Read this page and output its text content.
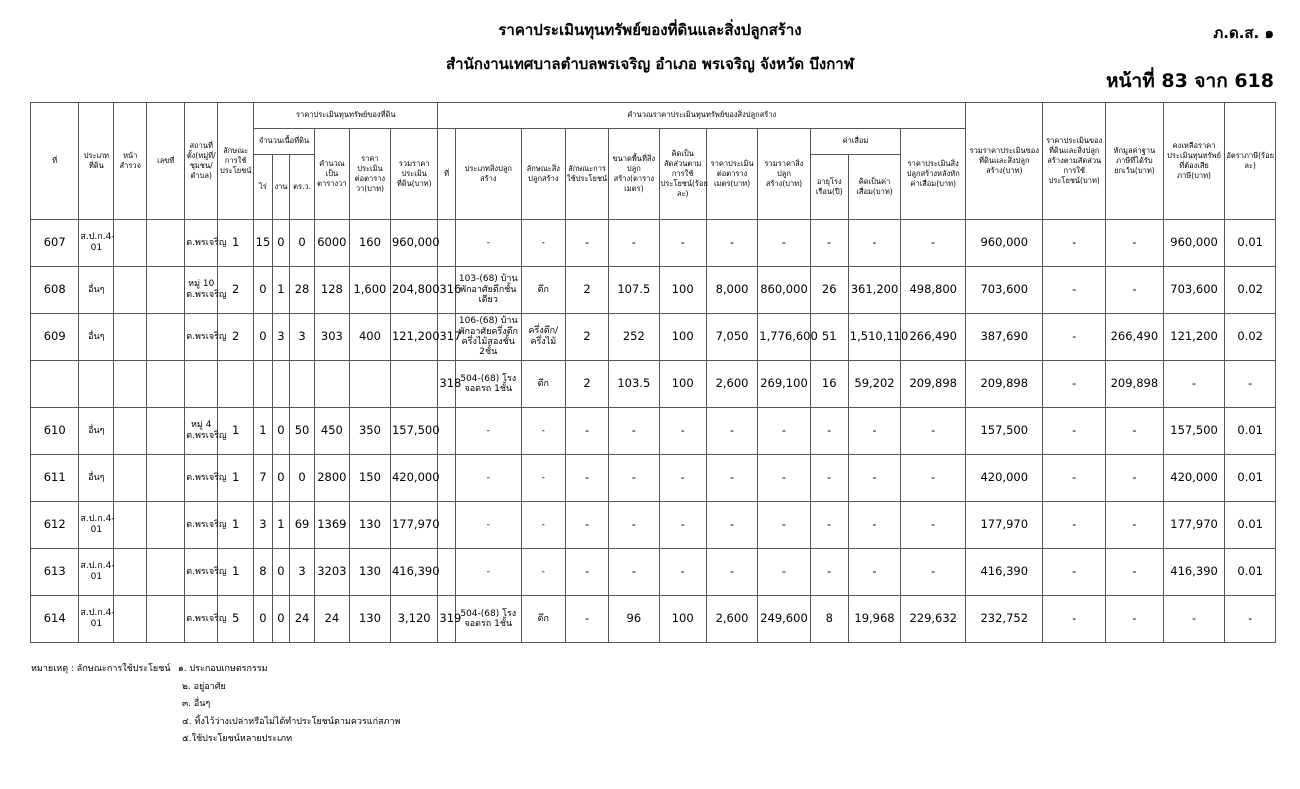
ราคาประเมินทุนทรัพย์ของที่ดินและสิ่งปลูกสร้าง
สำนักงานเทศบาลตำบลพรเจริญ อำเภอ พรเจริญ จังหวัด บึงกาฬ
ภ.ด.ส. ๑
หน้าที่ 83 จาก 618
ที่	ประเภทที่ดิน	หน้าสำรวจ	เลขที่	สถานที่ตั้ง(หมู่ที่/ชุมชน/ตำบล)	ลักษณะการใช้ประโยชน์	ราคาประเมินทุนทรัพย์ของที่ดิน						คำนวณราคาประเมินทุนทรัพย์ของสิ่งปลูกสร้าง											รวมราคาประเมินของที่ดินและสิ่งปลูกสร้าง(บาท)	ราคาประเมินของที่ดินและสิ่งปลูกสร้างตามสัดส่วนการใช้ประโยชน์(บาท)	หักมูลค่าฐานภาษีที่ได้รับยกเว้น(บาท)	คงเหลือราคาประเมินทุนทรัพย์ที่ต้องเสียภาษี(บาท)	อัตราภาษี(ร้อยละ)
						จำนวนเนื้อที่ดิน			คำนวณเป็นตารางวา	ราคาประเมินต่อตารางวา(บาท)	รวมราคาประเมินที่ดิน(บาท)	ที่	ประเภทสิ่งปลูกสร้าง	ลักษณะสิ่งปลูกสร้าง	ลักษณะการใช้ประโยชน์	ขนาดพื้นที่สิ่งปลูกสร้าง(ตารางเมตร)	คิดเป็นสัดส่วนตามการใช้ประโยชน์(ร้อยละ)	ราคาประเมินต่อตารางเมตร(บาท)	รวมราคาสิ่งปลูกสร้าง(บาท)	ค่าเสื่อม		ราคาประเมินสิ่งปลูกสร้างหลังหักค่าเสื่อม(บาท)					
						ไร่	งาน	ตร.ว.												อายุโรงเรือน(ปี)	คิดเป็นค่าเสื่อม(บาท)						
607	ส.ป.ก.4-01			ต.พรเจริญ	1	15	0	0	6000	160	960,000		-	-	-	-	-	-	-	-	-	-	960,000	-	-	960,000	0.01
608	อื่นๆ			หมู่ 10 ต.พรเจริญ	2	0	1	28	128	1,600	204,800	316	103-(68) บ้านพักอาศัยตึกชั้นเดียว	ตึก	2	107.5	100	8,000	860,000	26	361,200	498,800	703,600	-	-	703,600	0.02
609	อื่นๆ			ต.พรเจริญ	2	0	3	3	303	400	121,200	317	106-(68) บ้านพักอาศัยครึ่งตึกครึ่งไม้สองชั้น 2ชั้น	ครึ่งตึก/ครึ่งไม้	2	252	100	7,050	1,776,600	51	1,510,110	266,490	387,690	-	266,490	121,200	0.02
												318	504-(68) โรงจอดรถ 1ชั้น	ตึก	2	103.5	100	2,600	269,100	16	59,202	209,898	209,898	-	209,898	-	-
610	อื่นๆ			หมู่ 4 ต.พรเจริญ	1	1	0	50	450	350	157,500		-	-	-	-	-	-	-	-	-	-	157,500	-	-	157,500	0.01
611	อื่นๆ			ต.พรเจริญ	1	7	0	0	2800	150	420,000		-	-	-	-	-	-	-	-	-	-	420,000	-	-	420,000	0.01
612	ส.ป.ก.4-01			ต.พรเจริญ	1	3	1	69	1369	130	177,970		-	-	-	-	-	-	-	-	-	-	177,970	-	-	177,970	0.01
613	ส.ป.ก.4-01			ต.พรเจริญ	1	8	0	3	3203	130	416,390		-	-	-	-	-	-	-	-	-	-	416,390	-	-	416,390	0.01
614	ส.ป.ก.4-01			ต.พรเจริญ	5	0	0	24	24	130	3,120	319	504-(68) โรงจอดรถ 1ชั้น	ตึก	-	96	100	2,600	249,600	8	19,968	229,632	232,752	-	-	-	-
หมายเหตุ : ลักษณะการใช้ประโยชน์ ๑. ประกอบเกษตรกรรม
๒. อยู่อาศัย
๓. อื่นๆ
๔. ทิ้งไว้ว่างเปล่าหรือไม่ได้ทำประโยชน์ตามควรแก่สภาพ
๕.ใช้ประโยชน์หลายประเภท
